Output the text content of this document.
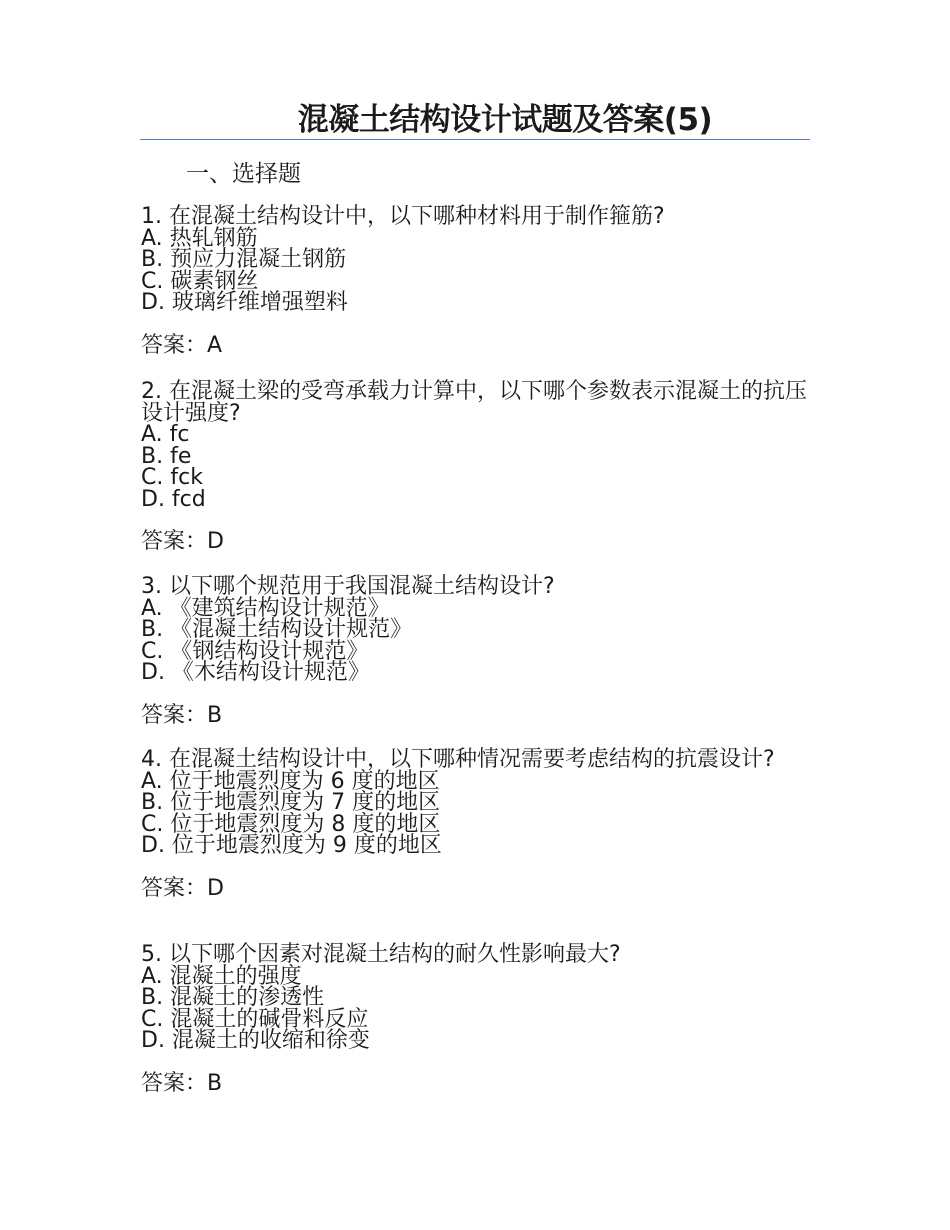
混凝土结构设计试题及答案(5)
一、选择题

1. 在混凝土结构设计中，以下哪种材料用于制作箍筋?

A. 热轧钢筋
B. 预应力混凝土钢筋
C. 碳素钢丝
D. 玻璃纤维增强塑料
答案：A

2. 在混凝土梁的受弯承载力计算中，以下哪个参数表示混凝土的抗压设计强度?

A. fc
B. fe
C. fck
D. fcd
答案：D

3. 以下哪个规范用于我国混凝土结构设计?

A. 《建筑结构设计规范》
B. 《混凝土结构设计规范》
C. 《钢结构设计规范》
D. 《木结构设计规范》
答案：B

4. 在混凝土结构设计中，以下哪种情况需要考虑结构的抗震设计?

A. 位于地震烈度为 6 度的地区
B. 位于地震烈度为 7 度的地区
C. 位于地震烈度为 8 度的地区
D. 位于地震烈度为 9 度的地区
答案：D

5. 以下哪个因素对混凝土结构的耐久性影响最大?

A. 混凝土的强度
B. 混凝土的渗透性
C. 混凝土的碱骨料反应
D. 混凝土的收缩和徐变
答案：B
